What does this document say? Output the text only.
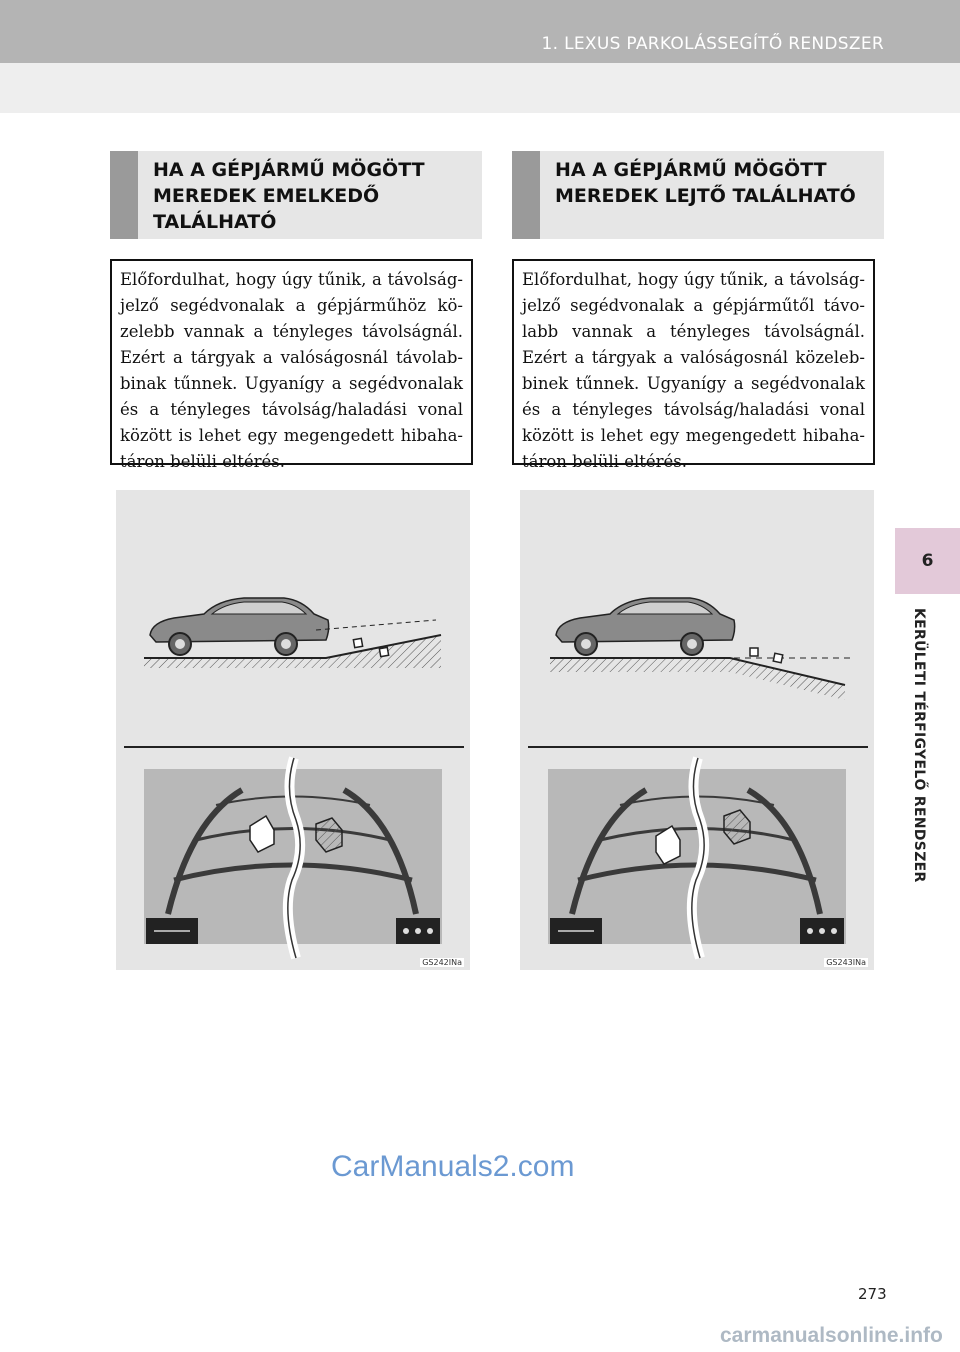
1. LEXUS PARKOLÁSSEGÍTŐ RENDSZER
6
KERÜLETI TÉRFIGYELŐ RENDSZER
HA A GÉPJÁRMŰ MÖGÖTT MEREDEK EMELKEDŐ TALÁLHATÓ

Előfordulhat, hogy úgy tűnik, a távolság-jelző segédvonalak a gépjárműhöz kö-zelebb vannak a tényleges távolságnál. Ezért a tárgyak a valóságosnál távolab-binak tűnnek. Ugyanígy a segédvonalak és a tényleges távolság/haladási vonal között is lehet egy megengedett hibaha-táron belüli eltérés.

GS242INa
HA A GÉPJÁRMŰ MÖGÖTT MEREDEK LEJTŐ TALÁLHATÓ

Előfordulhat, hogy úgy tűnik, a távolság-jelző segédvonalak a gépjárműtől távo-labb vannak a tényleges távolságnál. Ezért a tárgyak a valóságosnál közeleb-binek tűnnek. Ugyanígy a segédvonalak és a tényleges távolság/haladási vonal között is lehet egy megengedett hibaha-táron belüli eltérés.

GS243INa
CarManuals2.com
273
carmanualsonline.info
